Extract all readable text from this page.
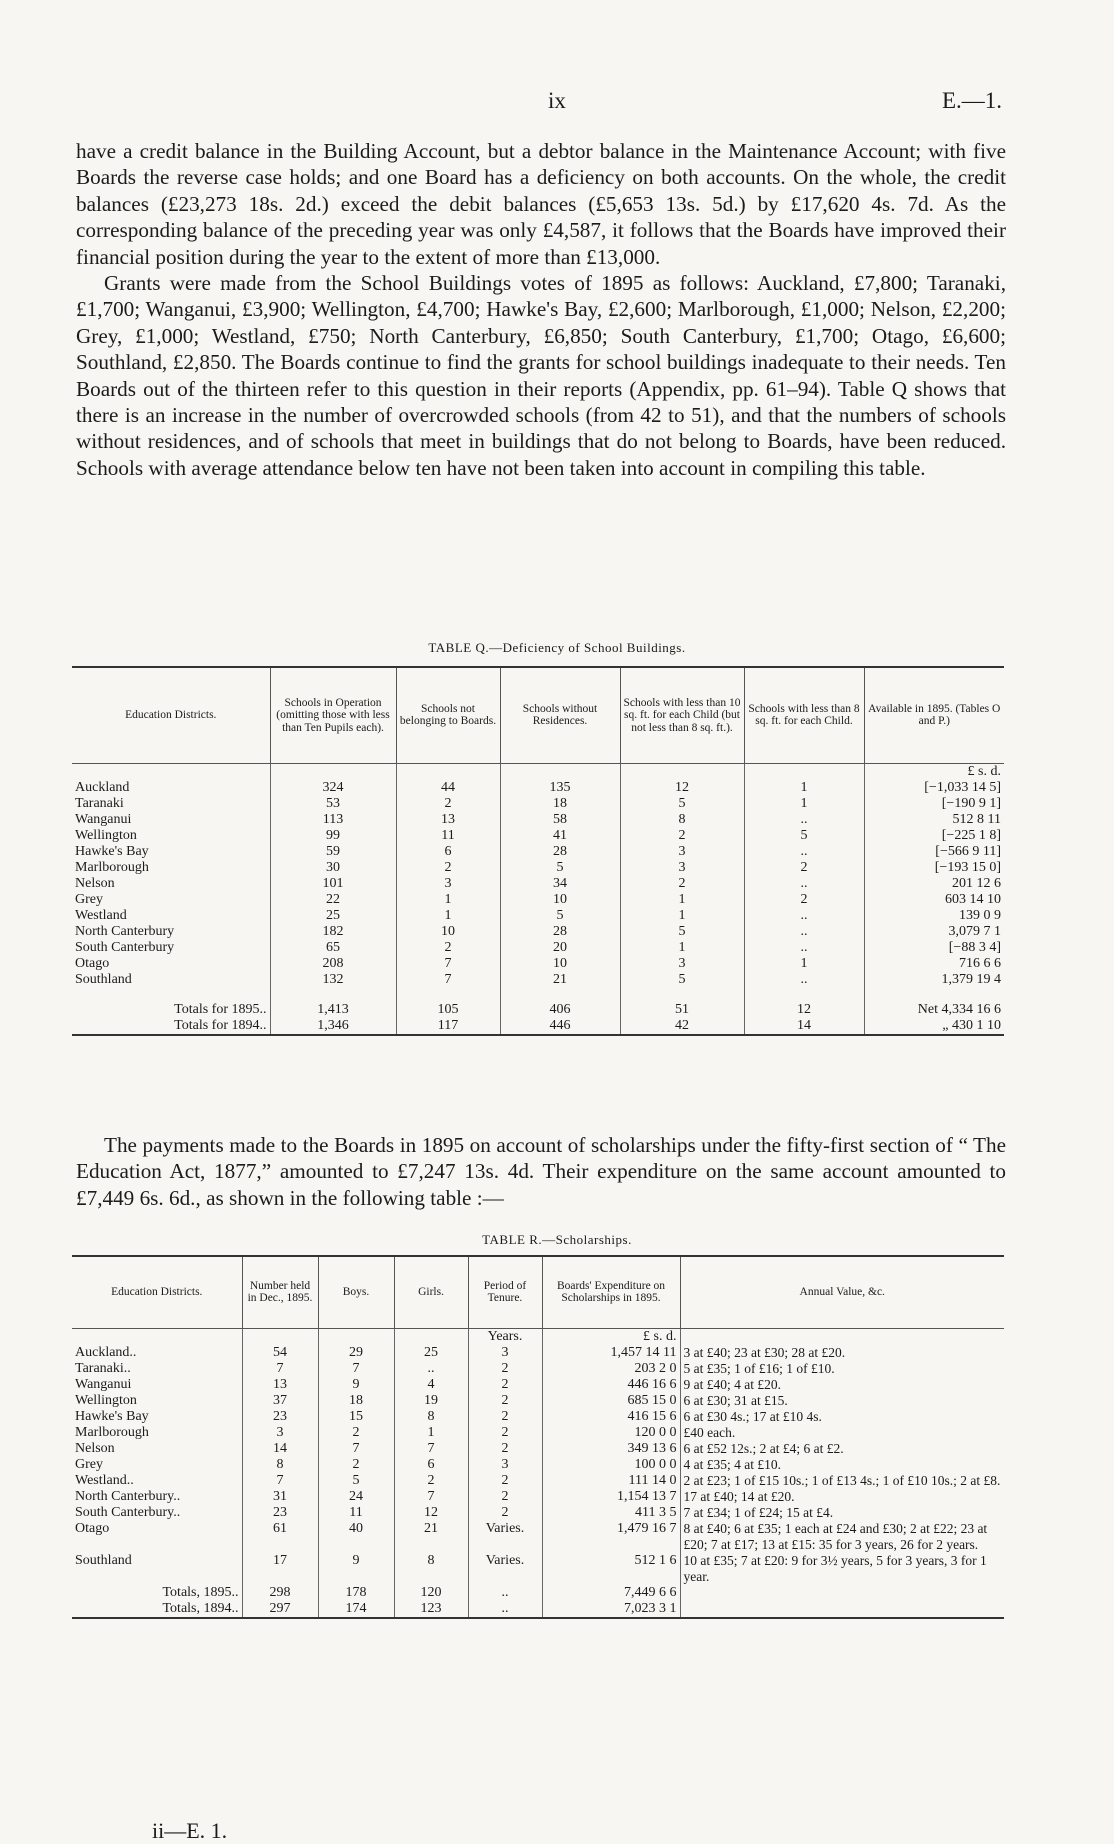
ix	E.—1.

have a credit balance in the Building Account, but a debtor balance in the Maintenance Account; with five Boards the reverse case holds; and one Board has a deficiency on both accounts. On the whole, the credit balances (£23,273 18s. 2d.) exceed the debit balances (£5,653 13s. 5d.) by £17,620 4s. 7d. As the corresponding balance of the preceding year was only £4,587, it follows that the Boards have improved their financial position during the year to the extent of more than £13,000.

Grants were made from the School Buildings votes of 1895 as follows: Auckland, £7,800; Taranaki, £1,700; Wanganui, £3,900; Wellington, £4,700; Hawke's Bay, £2,600; Marlborough, £1,000; Nelson, £2,200; Grey, £1,000; Westland, £750; North Canterbury, £6,850; South Canterbury, £1,700; Otago, £6,600; Southland, £2,850. The Boards continue to find the grants for school buildings inadequate to their needs. Ten Boards out of the thirteen refer to this question in their reports (Appendix, pp. 61–94). Table Q shows that there is an increase in the number of overcrowded schools (from 42 to 51), and that the numbers of schools without residences, and of schools that meet in buildings that do not belong to Boards, have been reduced. Schools with average attendance below ten have not been taken into account in compiling this table.

TABLE Q.—Deficiency of School Buildings.
Education Districts.	Schools in Operation (omitting those with less than Ten Pupils each).	Schools not belonging to Boards.	Schools without Residences.	Schools with less than 10 sq. ft. for each Child (but not less than 8 sq. ft.).	Schools with less than 8 sq. ft. for each Child.	Available in 1895. (Tables O and P.)
						£ s. d.
Auckland	324	44	135	12	1	[−1,033 14 5]
Taranaki	53	2	18	5	1	[−190 9 1]
Wanganui	113	13	58	8	..	512 8 11
Wellington	99	11	41	2	5	[−225 1 8]
Hawke's Bay	59	6	28	3	..	[−566 9 11]
Marlborough	30	2	5	3	2	[−193 15 0]
Nelson	101	3	34	2	..	201 12 6
Grey	22	1	10	1	2	603 14 10
Westland	25	1	5	1	..	139 0 9
North Canterbury	182	10	28	5	..	3,079 7 1
South Canterbury	65	2	20	1	..	[−88 3 4]
Otago	208	7	10	3	1	716 6 6
Southland	132	7	21	5	..	1,379 19 4

Totals for 1895..	1,413	105	406	51	12	Net 4,334 16 6
Totals for 1894..	1,346	117	446	42	14	„ 430 1 10

The payments made to the Boards in 1895 on account of scholarships under the fifty-first section of “ The Education Act, 1877,” amounted to £7,247 13s. 4d. Their expenditure on the same account amounted to £7,449 6s. 6d., as shown in the following table :—

TABLE R.—Scholarships.
Education Districts.	Number held in Dec., 1895.	Boys.	Girls.	Period of Tenure.	Boards' Expenditure on Scholarships in 1895.	Annual Value, &c.
				Years.	£ s. d.	
Auckland..	54	29	25	3	1,457 14 11	3 at £40; 23 at £30; 28 at £20.
Taranaki..	7	7	..	2	203 2 0	5 at £35; 1 of £16; 1 of £10.
Wanganui	13	9	4	2	446 16 6	9 at £40; 4 at £20.
Wellington	37	18	19	2	685 15 0	6 at £30; 31 at £15.
Hawke's Bay	23	15	8	2	416 15 6	6 at £30 4s.; 17 at £10 4s.
Marlborough	3	2	1	2	120 0 0	£40 each.
Nelson	14	7	7	2	349 13 6	6 at £52 12s.; 2 at £4; 6 at £2.
Grey	8	2	6	3	100 0 0	4 at £35; 4 at £10.
Westland..	7	5	2	2	111 14 0	2 at £23; 1 of £15 10s.; 1 of £13 4s.; 1 of £10 10s.; 2 at £8.
North Canterbury..	31	24	7	2	1,154 13 7	17 at £40; 14 at £20.
South Canterbury..	23	11	12	2	411 3 5	7 at £34; 1 of £24; 15 at £4.
Otago	61	40	21	Varies.	1,479 16 7	8 at £40; 6 at £35; 1 each at £24 and £30; 2 at £22; 23 at £20; 7 at £17; 13 at £15: 35 for 3 years, 26 for 2 years.
Southland	17	9	8	Varies.	512 1 6	10 at £35; 7 at £20: 9 for 3½ years, 5 for 3 years, 3 for 1 year.
Totals, 1895..	298	178	120	..	7,449 6 6	
Totals, 1894..	297	174	123	..	7,023 3 1	
ii—E. 1.
